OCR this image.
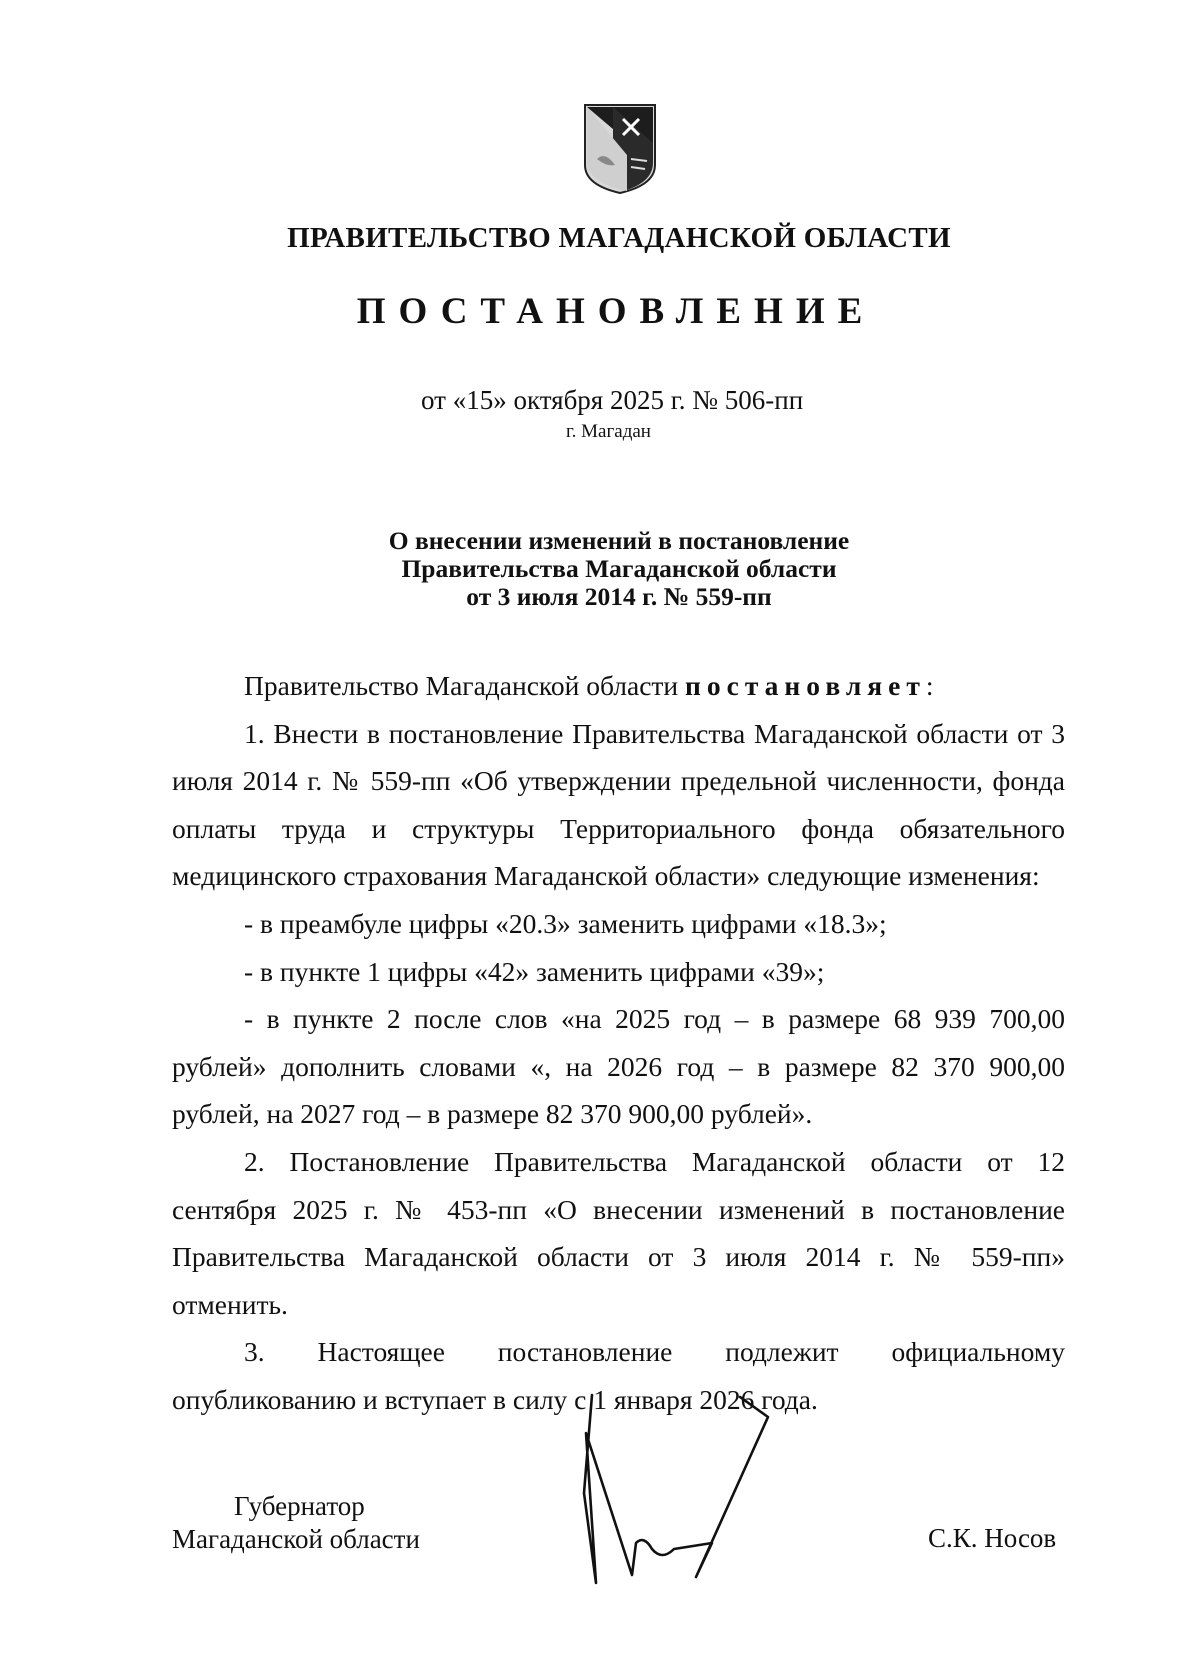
ПРАВИТЕЛЬСТВО МАГАДАНСКОЙ ОБЛАСТИ
ПОСТАНОВЛЕНИЕ
от «15» октября 2025 г. № 506-пп
г. Магадан
О внесении изменений в постановление
Правительства Магаданской области
от 3 июля 2014 г. № 559-пп

Правительство Магаданской области постановляет:

1. Внести в постановление Правительства Магаданской области от 3 июля 2014 г. № 559-пп «Об утверждении предельной численности, фонда оплаты труда и структуры Территориального фонда обязательного медицинского страхования Магаданской области» следующие изменения:

- в преамбуле цифры «20.3» заменить цифрами «18.3»;

- в пункте 1 цифры «42» заменить цифрами «39»;

- в пункте 2 после слов «на 2025 год – в размере 68 939 700,00 рублей» дополнить словами «, на 2026 год – в размере 82 370 900,00 рублей, на 2027 год – в размере 82 370 900,00 рублей».

2. Постановление Правительства Магаданской области от 12 сентября 2025 г. № 453-пп «О внесении изменений в постановление Правительства Магаданской области от 3 июля 2014 г. № 559-пп» отменить.

3. Настоящее постановление подлежит официальному опубликованию и вступает в силу с 1 января 2026 года.

Губернатор
Магаданской области	С.К. Носов
